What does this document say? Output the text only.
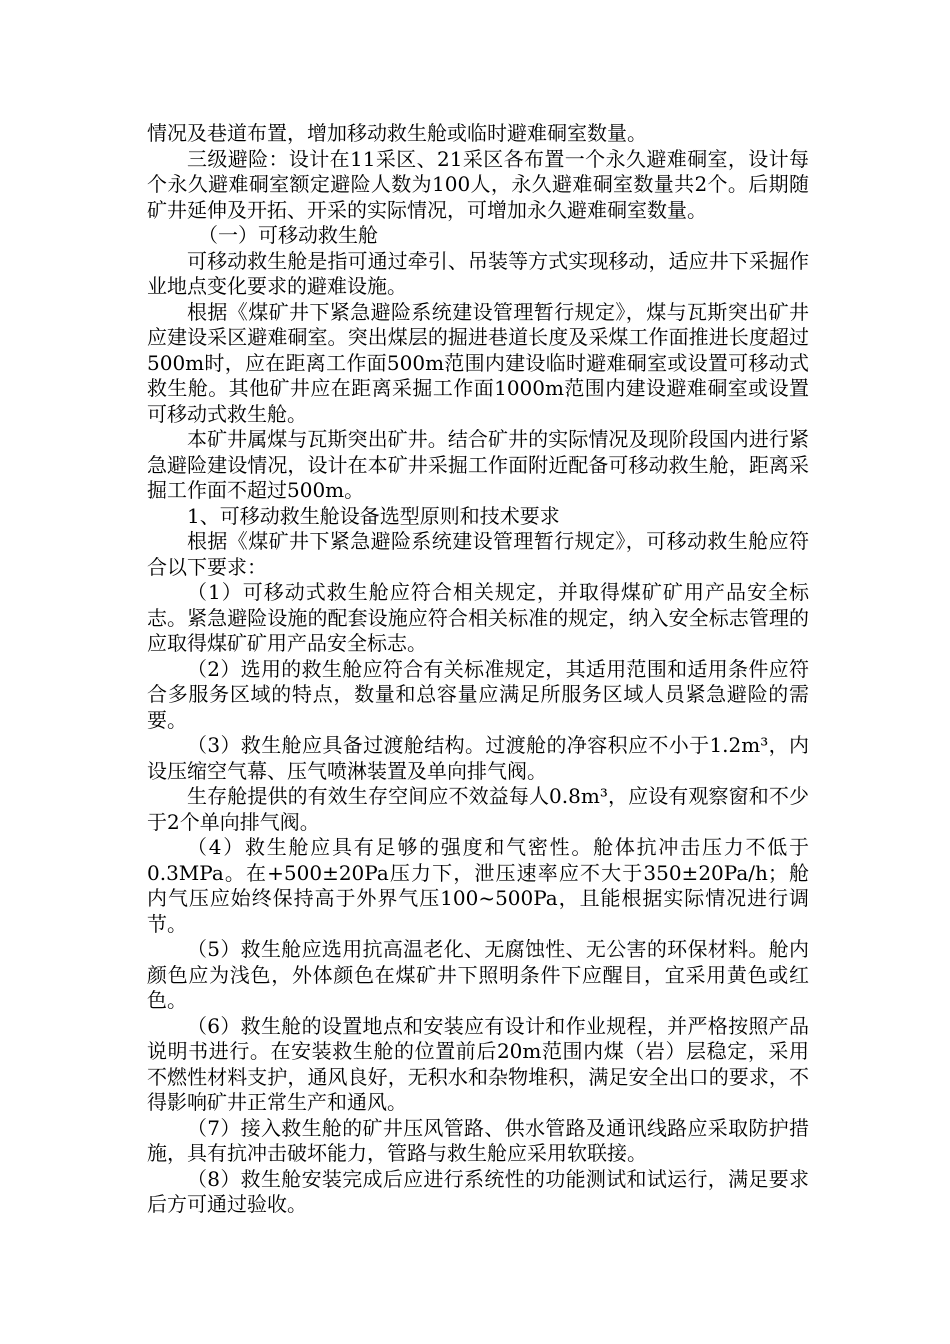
情况及巷道布置，增加移动救生舱或临时避难硐室数量。

三级避险：设计在11采区、21采区各布置一个永久避难硐室，设计每个永久避难硐室额定避险人数为100人，永久避难硐室数量共2个。后期随矿井延伸及开拓、开采的实际情况，可增加永久避难硐室数量。

（一）可移动救生舱

可移动救生舱是指可通过牵引、吊装等方式实现移动，适应井下采掘作业地点变化要求的避难设施。

根据《煤矿井下紧急避险系统建设管理暂行规定》，煤与瓦斯突出矿井应建设采区避难硐室。突出煤层的掘进巷道长度及采煤工作面推进长度超过500m时，应在距离工作面500m范围内建设临时避难硐室或设置可移动式救生舱。其他矿井应在距离采掘工作面1000m范围内建设避难硐室或设置可移动式救生舱。

本矿井属煤与瓦斯突出矿井。结合矿井的实际情况及现阶段国内进行紧急避险建设情况，设计在本矿井采掘工作面附近配备可移动救生舱，距离采掘工作面不超过500m。

1、可移动救生舱设备选型原则和技术要求

根据《煤矿井下紧急避险系统建设管理暂行规定》，可移动救生舱应符合以下要求：

（1）可移动式救生舱应符合相关规定，并取得煤矿矿用产品安全标志。紧急避险设施的配套设施应符合相关标准的规定，纳入安全标志管理的应取得煤矿矿用产品安全标志。

（2）选用的救生舱应符合有关标准规定，其适用范围和适用条件应符合多服务区域的特点，数量和总容量应满足所服务区域人员紧急避险的需要。

（3）救生舱应具备过渡舱结构。过渡舱的净容积应不小于1.2m³，内设压缩空气幕、压气喷淋装置及单向排气阀。

生存舱提供的有效生存空间应不效益每人0.8m³，应设有观察窗和不少于2个单向排气阀。

（4）救生舱应具有足够的强度和气密性。舱体抗冲击压力不低于0.3MPa。在+500±20Pa压力下，泄压速率应不大于350±20Pa/h；舱内气压应始终保持高于外界气压100~500Pa，且能根据实际情况进行调节。

（5）救生舱应选用抗高温老化、无腐蚀性、无公害的环保材料。舱内颜色应为浅色，外体颜色在煤矿井下照明条件下应醒目，宜采用黄色或红色。

（6）救生舱的设置地点和安装应有设计和作业规程，并严格按照产品说明书进行。在安装救生舱的位置前后20m范围内煤（岩）层稳定，采用不燃性材料支护，通风良好，无积水和杂物堆积，满足安全出口的要求，不得影响矿井正常生产和通风。

（7）接入救生舱的矿井压风管路、供水管路及通讯线路应采取防护措施，具有抗冲击破坏能力，管路与救生舱应采用软联接。

（8）救生舱安装完成后应进行系统性的功能测试和试运行，满足要求后方可通过验收。
